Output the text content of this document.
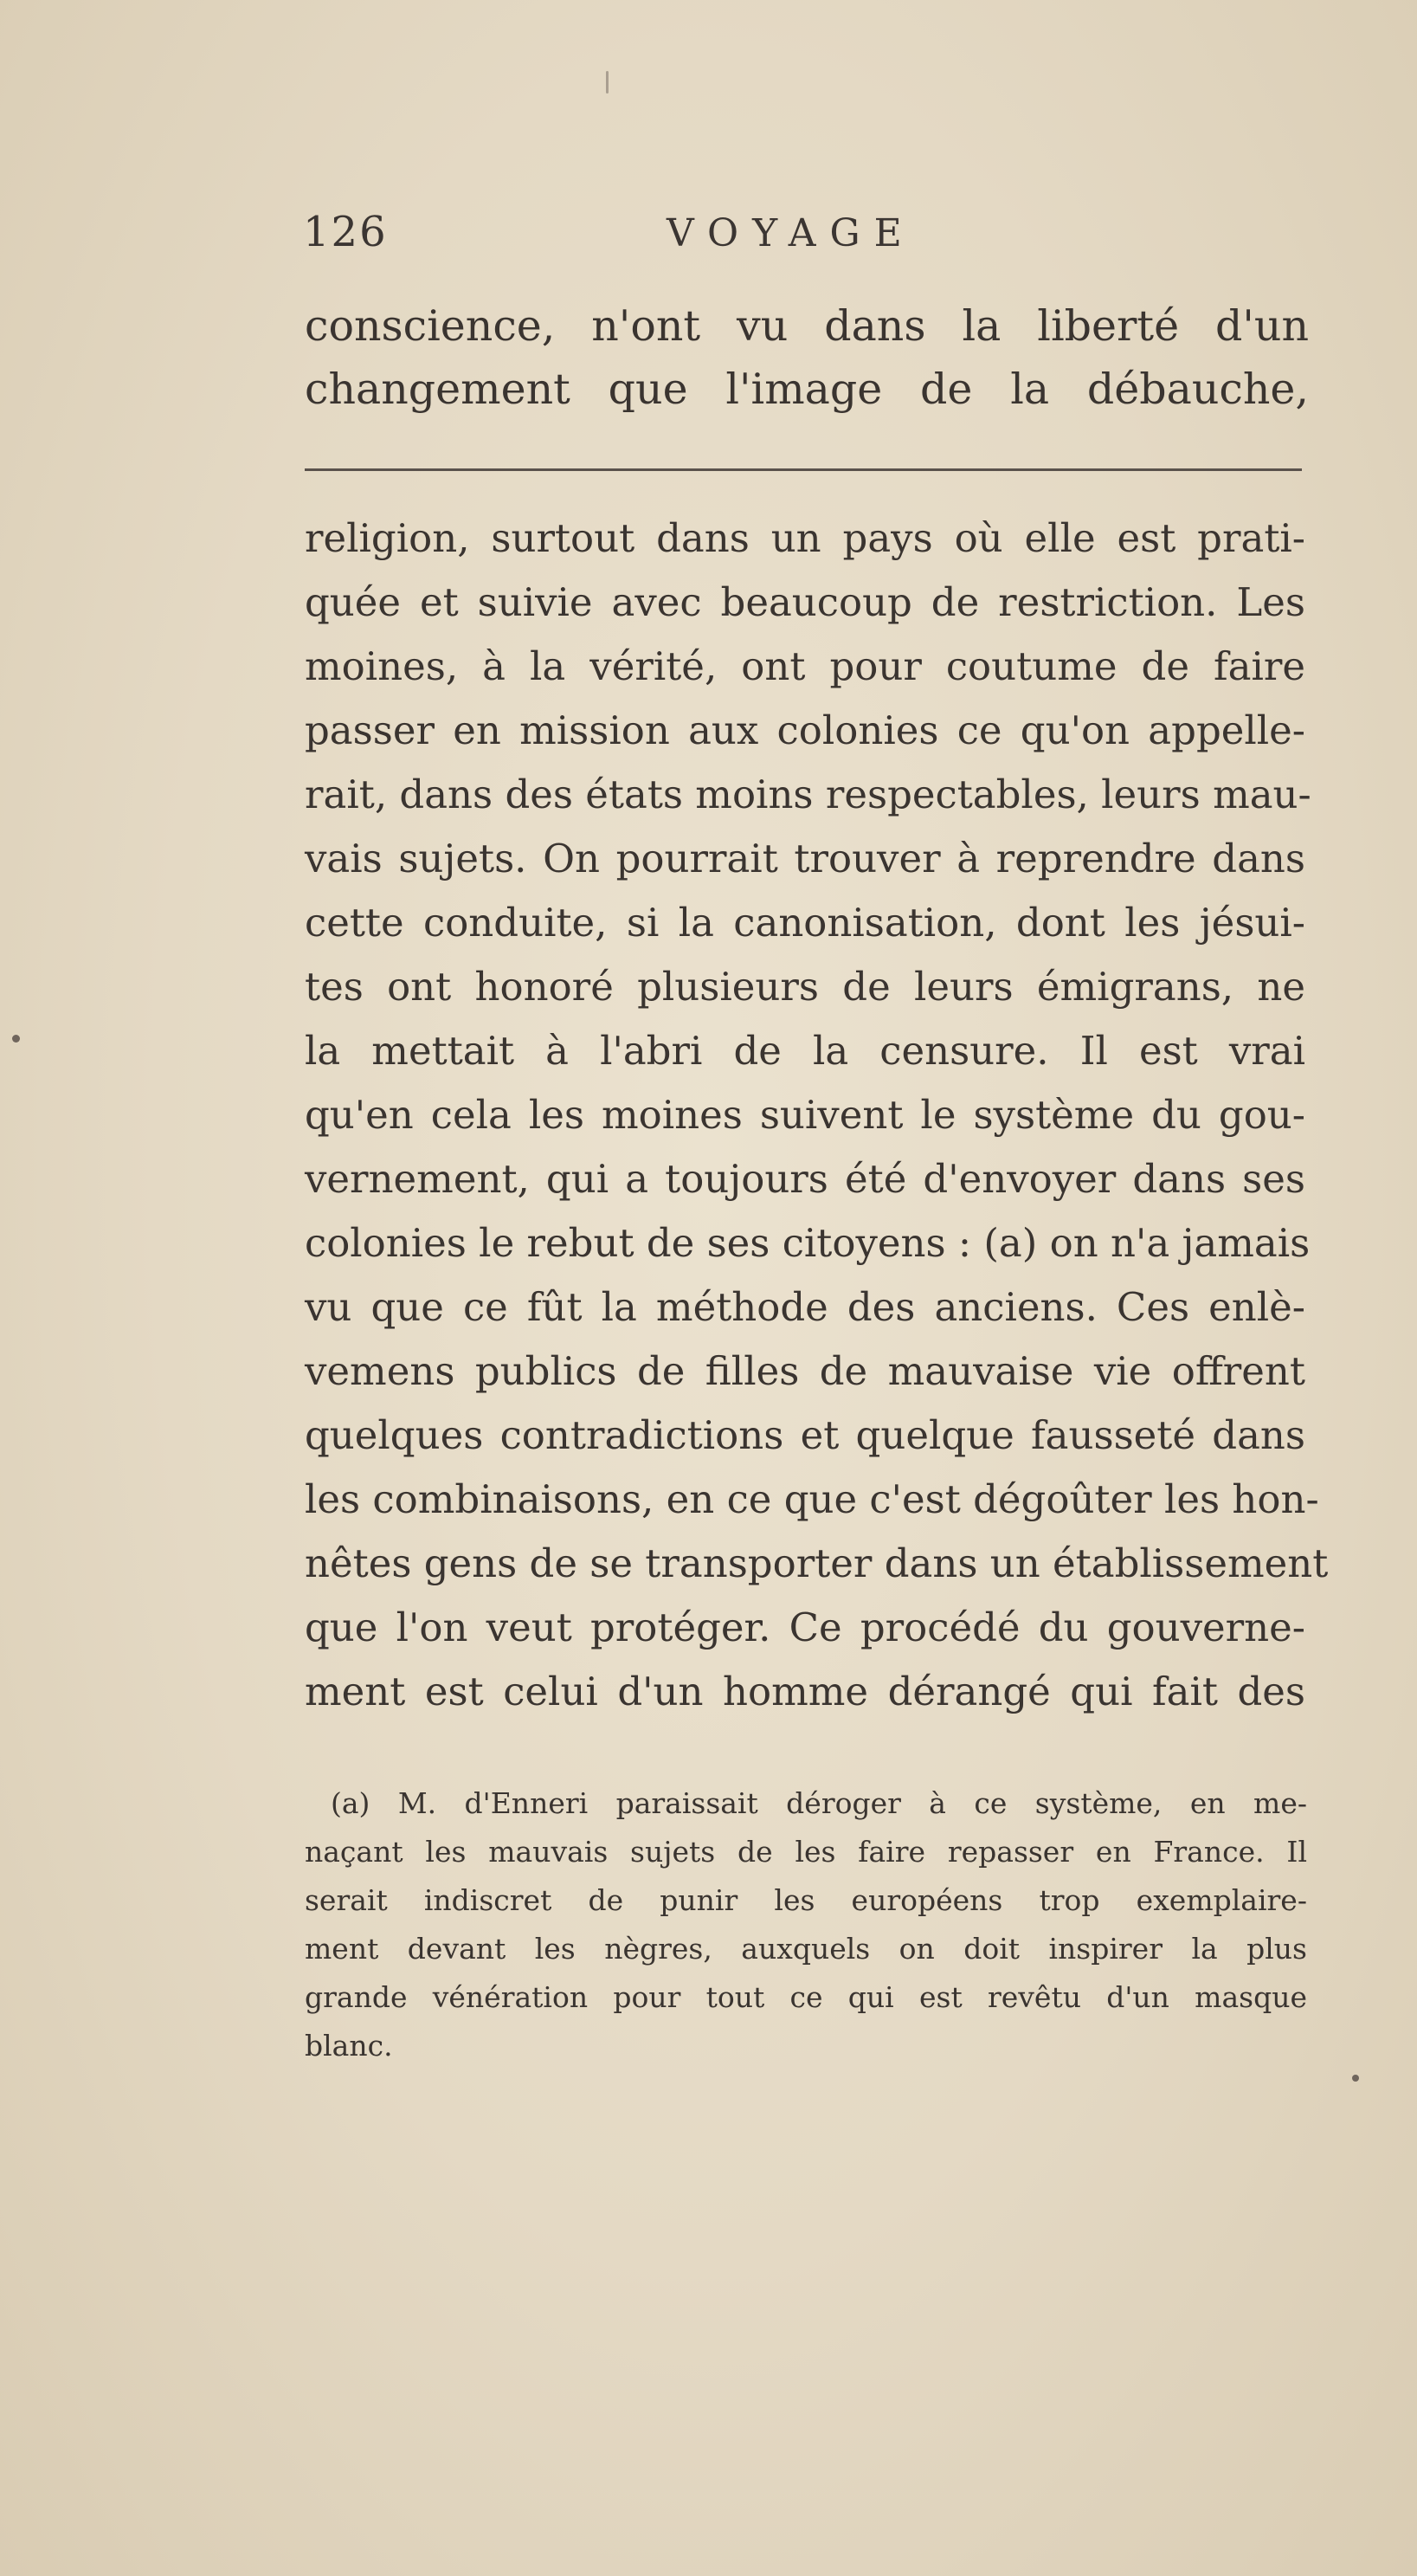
126	VOYAGE
conscience, n'ont vu dans la liberté d'un
changement que l'image de la débauche,
religion, surtout dans un pays où elle est prati-
quée et suivie avec beaucoup de restriction. Les
moines, à la vérité, ont pour coutume de faire
passer en mission aux colonies ce qu'on appelle-
rait, dans des états moins respectables, leurs mau-
vais sujets. On pourrait trouver à reprendre dans
cette conduite, si la canonisation, dont les jésui-
tes ont honoré plusieurs de leurs émigrans, ne
la mettait à l'abri de la censure. Il est vrai
qu'en cela les moines suivent le système du gou-
vernement, qui a toujours été d'envoyer dans ses
colonies le rebut de ses citoyens : (a) on n'a jamais
vu que ce fût la méthode des anciens. Ces enlè-
vemens publics de filles de mauvaise vie offrent
quelques contradictions et quelque fausseté dans
les combinaisons, en ce que c'est dégoûter les hon-
nêtes gens de se transporter dans un établissement
que l'on veut protéger. Ce procédé du gouverne-
ment est celui d'un homme dérangé qui fait des
(a) M. d'Enneri paraissait déroger à ce système, en me-
naçant les mauvais sujets de les faire repasser en France. Il
serait indiscret de punir les européens trop exemplaire-
ment devant les nègres, auxquels on doit inspirer la plus
grande vénération pour tout ce qui est revêtu d'un masque
blanc.
